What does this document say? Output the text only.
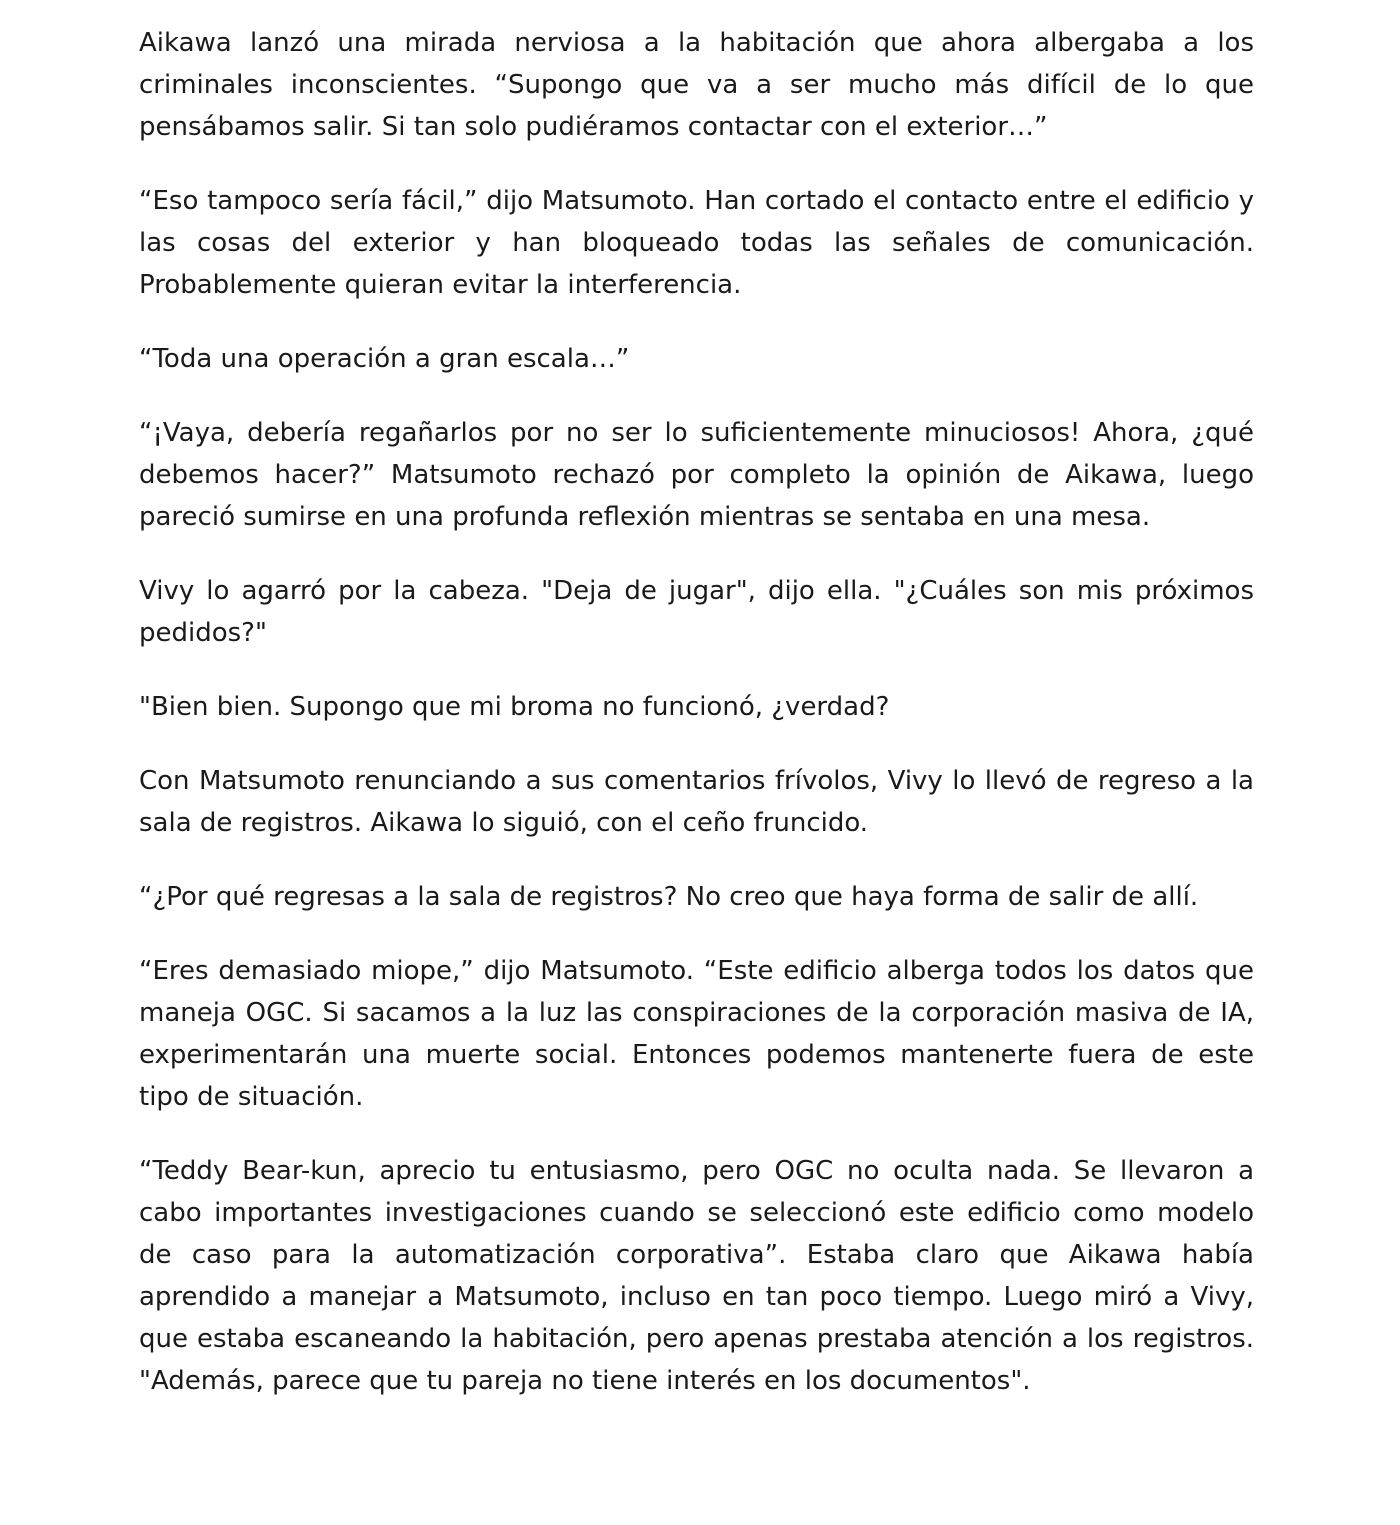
Aikawa lanzó una mirada nerviosa a la habitación que ahora albergaba a los criminales inconscientes. “Supongo que va a ser mucho más difícil de lo que pensábamos salir. Si tan solo pudiéramos contactar con el exterior…”

“Eso tampoco sería fácil,” dijo Matsumoto. Han cortado el contacto entre el edificio y las cosas del exterior y han bloqueado todas las señales de comunicación. Probablemente quieran evitar la interferencia.

“Toda una operación a gran escala…”

“¡Vaya, debería regañarlos por no ser lo suficientemente minuciosos! Ahora, ¿qué debemos hacer?” Matsumoto rechazó por completo la opinión de Aikawa, luego pareció sumirse en una profunda reflexión mientras se sentaba en una mesa.

Vivy lo agarró por la cabeza. "Deja de jugar", dijo ella. "¿Cuáles son mis próximos pedidos?"

"Bien bien. Supongo que mi broma no funcionó, ¿verdad?

Con Matsumoto renunciando a sus comentarios frívolos, Vivy lo llevó de regreso a la sala de registros. Aikawa lo siguió, con el ceño fruncido.

“¿Por qué regresas a la sala de registros? No creo que haya forma de salir de allí.

“Eres demasiado miope,” dijo Matsumoto. “Este edificio alberga todos los datos que maneja OGC. Si sacamos a la luz las conspiraciones de la corporación masiva de IA, experimentarán una muerte social. Entonces podemos mantenerte fuera de este tipo de situación.

“Teddy Bear-kun, aprecio tu entusiasmo, pero OGC no oculta nada. Se llevaron a cabo importantes investigaciones cuando se seleccionó este edificio como modelo de caso para la automatización corporativa”. Estaba claro que Aikawa había aprendido a manejar a Matsumoto, incluso en tan poco tiempo. Luego miró a Vivy, que estaba escaneando la habitación, pero apenas prestaba atención a los registros. "Además, parece que tu pareja no tiene interés en los documentos".
